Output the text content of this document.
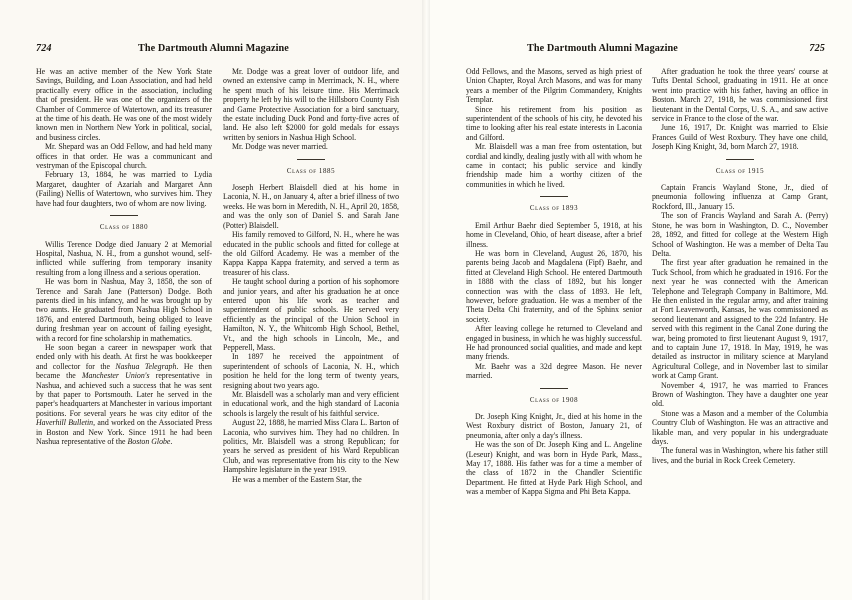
724	The Dartmouth Alumni Magazine

He was an active member of the New York State Savings, Building, and Loan Association, and had held practically every office in the association, including that of president. He was one of the organizers of the Chamber of Commerce of Watertown, and its treasurer at the time of his death. He was one of the most widely known men in Northern New York in political, social, and business circles.

Mr. Shepard was an Odd Fellow, and had held many offices in that order. He was a communicant and vestryman of the Episcopal church.

February 13, 1884, he was married to Lydia Margaret, daughter of Azariah and Margaret Ann (Failing) Nellis of Watertown, who survives him. They have had four daughters, two of whom are now living.

Class of 1880

Willis Terence Dodge died January 2 at Memorial Hospital, Nashua, N. H., from a gunshot wound, self-inflicted while suffering from temporary insanity resulting from a long illness and a serious operation.

He was born in Nashua, May 3, 1858, the son of Terence and Sarah Jane (Patterson) Dodge. Both parents died in his infancy, and he was brought up by two aunts. He graduated from Nashua High School in 1876, and entered Dartmouth, being obliged to leave during freshman year on account of failing eyesight, with a record for fine scholarship in mathematics.

He soon began a career in newspaper work that ended only with his death. At first he was bookkeeper and collector for the Nashua Telegraph. He then became the Manchester Union's representative in Nashua, and achieved such a success that he was sent by that paper to Portsmouth. Later he served in the paper's headquarters at Manchester in various important positions. For several years he was city editor of the Haverhill Bulletin, and worked on the Associated Press in Boston and New York. Since 1911 he had been Nashua representative of the Boston Globe.

Mr. Dodge was a great lover of outdoor life, and owned an extensive camp in Merrimack, N. H., where he spent much of his leisure time. His Merrimack property he left by his will to the Hillsboro County Fish and Game Protective Association for a bird sanctuary, the estate including Duck Pond and forty-five acres of land. He also left $2000 for gold medals for essays written by seniors in Nashua High School.

Mr. Dodge was never married.

Class of 1885

Joseph Herbert Blaisdell died at his home in Laconia, N. H., on January 4, after a brief illness of two weeks. He was born in Meredith, N. H., April 20, 1858, and was the only son of Daniel S. and Sarah Jane (Potter) Blaisdell.

His family removed to Gilford, N. H., where he was educated in the public schools and fitted for college at the old Gilford Academy. He was a member of the Kappa Kappa Kappa fraternity, and served a term as treasurer of his class.

He taught school during a portion of his sophomore and junior years, and after his graduation he at once entered upon his life work as teacher and superintendent of public schools. He served very efficiently as the principal of the Union School in Hamilton, N. Y., the Whitcomb High School, Bethel, Vt., and the high schools in Lincoln, Me., and Pepperell, Mass.

In 1897 he received the appointment of superintendent of schools of Laconia, N. H., which position he held for the long term of twenty years, resigning about two years ago.

Mr. Blaisdell was a scholarly man and very efficient in educational work, and the high standard of Laconia schools is largely the result of his faithful service.

August 22, 1888, he married Miss Clara L. Barton of Laconia, who survives him. They had no children. In politics, Mr. Blaisdell was a strong Republican; for years he served as president of his Ward Republican Club, and was representative from his city to the New Hampshire legislature in the year 1919.

He was a member of the Eastern Star, the

The Dartmouth Alumni Magazine	725

Odd Fellows, and the Masons, served as high priest of Union Chapter, Royal Arch Masons, and was for many years a member of the Pilgrim Commandery, Knights Templar.

Since his retirement from his position as superintendent of the schools of his city, he devoted his time to looking after his real estate interests in Laconia and Gilford.

Mr. Blaisdell was a man free from ostentation, but cordial and kindly, dealing justly with all with whom he came in contact; his public service and kindly friendship made him a worthy citizen of the communities in which he lived.

Class of 1893

Emil Arthur Baehr died September 5, 1918, at his home in Cleveland, Ohio, of heart disease, after a brief illness.

He was born in Cleveland, August 26, 1870, his parents being Jacob and Magdalena (Fipf) Baehr, and fitted at Cleveland High School. He entered Dartmouth in 1888 with the class of 1892, but his longer connection was with the class of 1893. He left, however, before graduation. He was a member of the Theta Delta Chi fraternity, and of the Sphinx senior society.

After leaving college he returned to Cleveland and engaged in business, in which he was highly successful. He had pronounced social qualities, and made and kept many friends.

Mr. Baehr was a 32d degree Mason. He never married.

Class of 1908

Dr. Joseph King Knight, Jr., died at his home in the West Roxbury district of Boston, January 21, of pneumonia, after only a day's illness.

He was the son of Dr. Joseph King and L. Angeline (Leseur) Knight, and was born in Hyde Park, Mass., May 17, 1888. His father was for a time a member of the class of 1872 in the Chandler Scientific Department. He fitted at Hyde Park High School, and was a member of Kappa Sigma and Phi Beta Kappa.

After graduation he took the three years' course at Tufts Dental School, graduating in 1911. He at once went into practice with his father, having an office in Boston. March 27, 1918, he was commissioned first lieutenant in the Dental Corps, U. S. A., and saw active service in France to the close of the war.

June 16, 1917, Dr. Knight was married to Elsie Frances Guild of West Roxbury. They have one child, Joseph King Knight, 3d, born March 27, 1918.

Class of 1915

Captain Francis Wayland Stone, Jr., died of pneumonia following influenza at Camp Grant, Rockford, Ill., January 15.

The son of Francis Wayland and Sarah A. (Perry) Stone, he was born in Washington, D. C., November 28, 1892, and fitted for college at the Western High School of Washington. He was a member of Delta Tau Delta.

The first year after graduation he remained in the Tuck School, from which he graduated in 1916. For the next year he was connected with the American Telephone and Telegraph Company in Baltimore, Md. He then enlisted in the regular army, and after training at Fort Leavenworth, Kansas, he was commissioned as second lieutenant and assigned to the 22d Infantry. He served with this regiment in the Canal Zone during the war, being promoted to first lieutenant August 9, 1917, and to captain June 17, 1918. In May, 1919, he was detailed as instructor in military science at Maryland Agricultural College, and in November last to similar work at Camp Grant.

November 4, 1917, he was married to Frances Brown of Washington. They have a daughter one year old.

Stone was a Mason and a member of the Columbia Country Club of Washington. He was an attractive and likable man, and very popular in his undergraduate days.

The funeral was in Washington, where his father still lives, and the burial in Rock Creek Cemetery.
